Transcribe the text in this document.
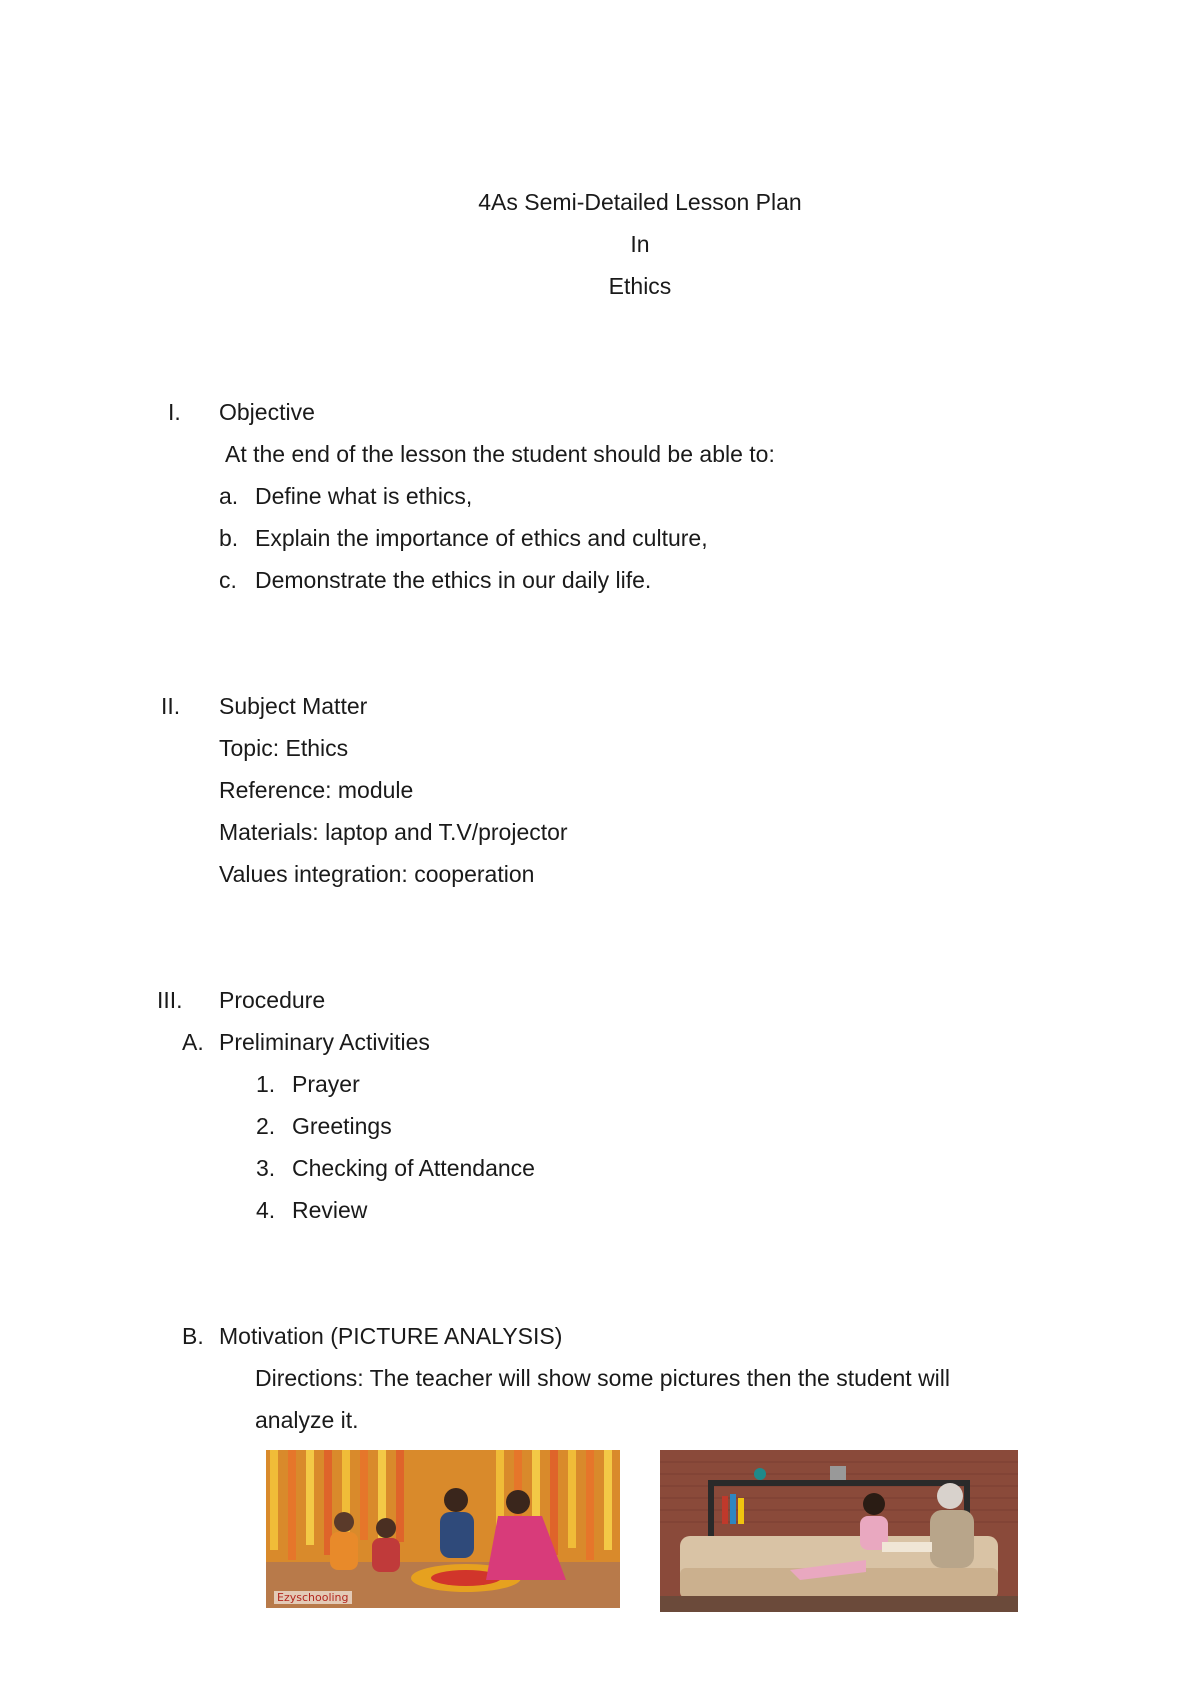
4As Semi-Detailed Lesson Plan
In
Ethics
I. Objective
At the end of the lesson the student should be able to:
a. Define what is ethics,
b. Explain the importance of ethics and culture,
c. Demonstrate the ethics in our daily life.
II. Subject Matter
Topic: Ethics
Reference: module
Materials: laptop and T.V/projector
Values integration: cooperation
III. Procedure
A. Preliminary Activities
1. Prayer
2. Greetings
3. Checking of Attendance
4. Review
B. Motivation (PICTURE ANALYSIS)
Directions: The teacher will show some pictures then the student will
analyze it.
Ezyschooling
